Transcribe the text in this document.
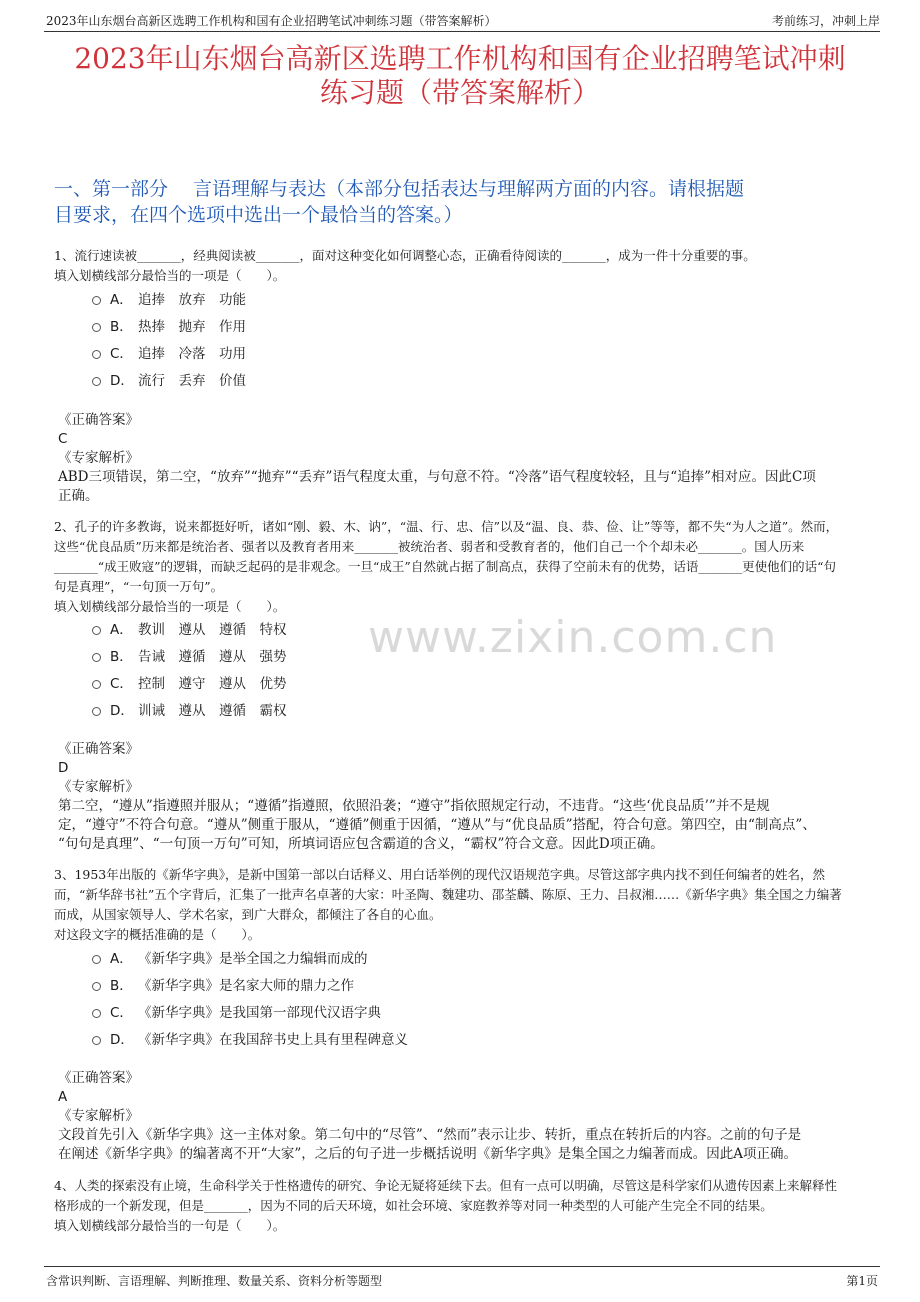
2023年山东烟台高新区选聘工作机构和国有企业招聘笔试冲刺练习题（带答案解析）	考前练习，冲刺上岸
2023年山东烟台高新区选聘工作机构和国有企业招聘笔试冲刺
练习题（带答案解析）
一、第一部分　 言语理解与表达（本部分包括表达与理解两方面的内容。请根据题
目要求，在四个选项中选出一个最恰当的答案。）
www.zixin.com.cn
1、流行速读被_______，经典阅读被_______，面对这种变化如何调整心态，正确看待阅读的_______，成为一件十分重要的事。
填入划横线部分最恰当的一项是（　　）。
A． 追捧　放弃　功能
B． 热捧　抛弃　作用
C． 追捧　冷落　功用
D． 流行　丢弃　价值
《正确答案》
C
《专家解析》
ABD三项错误，第二空，“放弃”“抛弃”“丢弃”语气程度太重，与句意不符。“冷落”语气程度较轻，且与“追捧”相对应。因此C项
正确。
2、孔子的许多教诲，说来都挺好听，诸如“刚、毅、木、讷”，“温、行、忠、信”以及“温、良、恭、俭、让”等等，都不失“为人之道”。然而，
这些“优良品质”历来都是统治者、强者以及教育者用来_______被统治者、弱者和受教育者的，他们自己一个个却未必_______。国人历来
_______“成王败寇”的逻辑，而缺乏起码的是非观念。一旦“成王”自然就占据了制高点，获得了空前未有的优势，话语_______更使他们的话“句
句是真理”，“一句顶一万句”。
填入划横线部分最恰当的一项是（　　）。
A． 教训　遵从　遵循　特权
B． 告诫　遵循　遵从　强势
C． 控制　遵守　遵从　优势
D． 训诫　遵从　遵循　霸权
《正确答案》
D
《专家解析》
第二空，“遵从”指遵照并服从；“遵循”指遵照，依照沿袭；“遵守”指依照规定行动，不违背。“这些‘优良品质’”并不是规
定，“遵守”不符合句意。“遵从”侧重于服从，“遵循”侧重于因循，“遵从”与“优良品质”搭配，符合句意。第四空，由“制高点”、
“句句是真理”、“一句顶一万句”可知，所填词语应包含霸道的含义，“霸权”符合文意。因此D项正确。
3、1953年出版的《新华字典》，是新中国第一部以白话释义、用白话举例的现代汉语规范字典。尽管这部字典内找不到任何编者的姓名，然
而，“新华辞书社”五个字背后，汇集了一批声名卓著的大家：叶圣陶、魏建功、邵荃麟、陈原、王力、吕叔湘……《新华字典》集全国之力编著
而成，从国家领导人、学术名家，到广大群众，都倾注了各自的心血。
对这段文字的概括准确的是（　　）。
A． 《新华字典》是举全国之力编辑而成的
B． 《新华字典》是名家大师的鼎力之作
C． 《新华字典》是我国第一部现代汉语字典
D． 《新华字典》在我国辞书史上具有里程碑意义
《正确答案》
A
《专家解析》
文段首先引入《新华字典》这一主体对象。第二句中的“尽管”、“然而”表示让步、转折，重点在转折后的内容。之前的句子是
在阐述《新华字典》的编著离不开“大家”，之后的句子进一步概括说明《新华字典》是集全国之力编著而成。因此A项正确。
4、人类的探索没有止境，生命科学关于性格遗传的研究、争论无疑将延续下去。但有一点可以明确，尽管这是科学家们从遗传因素上来解释性
格形成的一个新发现，但是_______，因为不同的后天环境，如社会环境、家庭教养等对同一种类型的人可能产生完全不同的结果。
填入划横线部分最恰当的一句是（　　）。
含常识判断、言语理解、判断推理、数量关系、资料分析等题型	第1页
